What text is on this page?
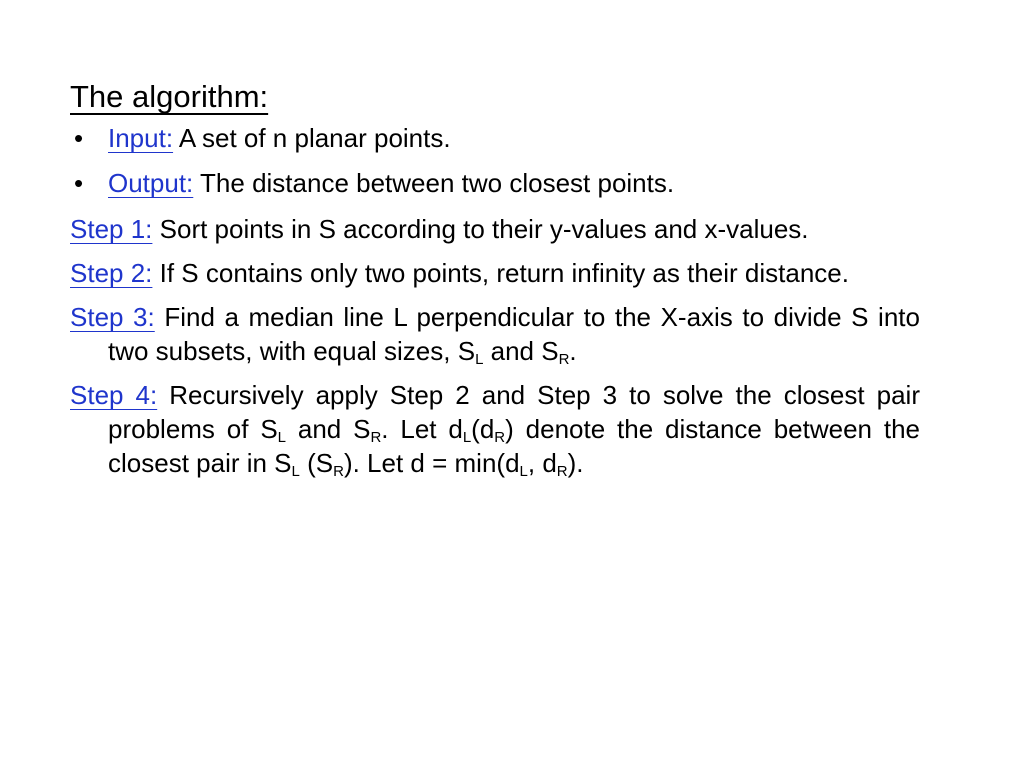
The algorithm:
• Input: A set of n planar points.
• Output: The distance between two closest points.
Step 1: Sort points in S according to their y-values and x-values.
Step 2: If S contains only two points, return infinity as their distance.
Step 3: Find a median line L perpendicular to the X-axis to divide S into two subsets, with equal sizes, $S_L$ and $S_R$.
Step 4: Recursively apply Step 2 and Step 3 to solve the closest pair problems of $S_L$ and $S_R$. Let $d_L(d_R)$ denote the distance between the closest pair in $S_L$ $(S_R)$. Let $d = \min(d_L$, $d_R$).
